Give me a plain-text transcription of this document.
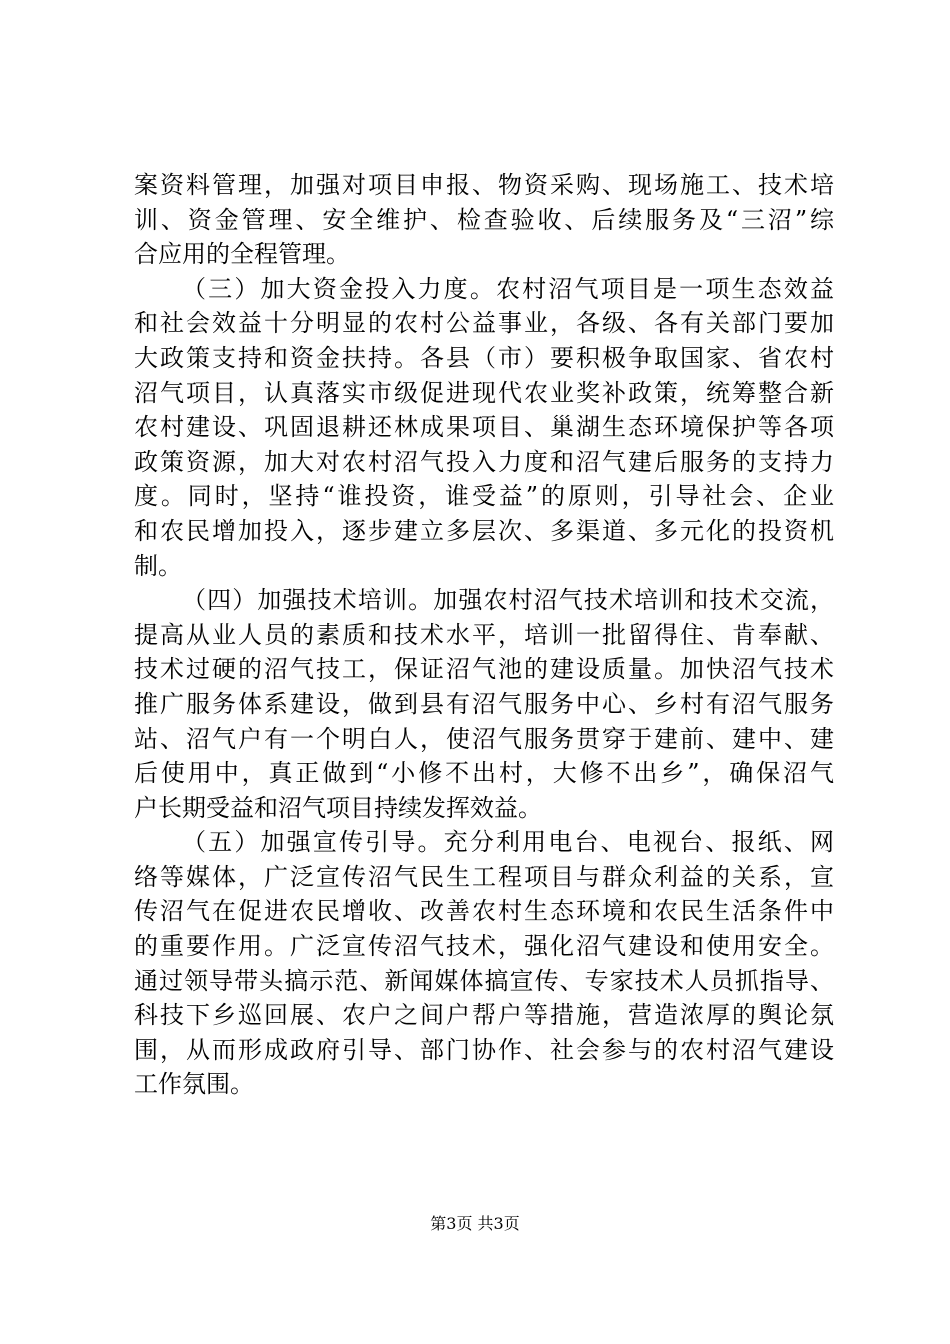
案资料管理，加强对项目申报、物资采购、现场施工、技术培
训、资金管理、安全维护、检查验收、后续服务及“三沼”综
合应用的全程管理。
（三）加大资金投入力度。农村沼气项目是一项生态效益
和社会效益十分明显的农村公益事业，各级、各有关部门要加
大政策支持和资金扶持。各县（市）要积极争取国家、省农村
沼气项目，认真落实市级促进现代农业奖补政策，统筹整合新
农村建设、巩固退耕还林成果项目、巢湖生态环境保护等各项
政策资源，加大对农村沼气投入力度和沼气建后服务的支持力
度。同时，坚持“谁投资，谁受益”的原则，引导社会、企业
和农民增加投入，逐步建立多层次、多渠道、多元化的投资机
制。
（四）加强技术培训。加强农村沼气技术培训和技术交流，
提高从业人员的素质和技术水平，培训一批留得住、肯奉献、
技术过硬的沼气技工，保证沼气池的建设质量。加快沼气技术
推广服务体系建设，做到县有沼气服务中心、乡村有沼气服务
站、沼气户有一个明白人，使沼气服务贯穿于建前、建中、建
后使用中，真正做到“小修不出村，大修不出乡”，确保沼气
户长期受益和沼气项目持续发挥效益。
（五）加强宣传引导。充分利用电台、电视台、报纸、网
络等媒体，广泛宣传沼气民生工程项目与群众利益的关系，宣
传沼气在促进农民增收、改善农村生态环境和农民生活条件中
的重要作用。广泛宣传沼气技术，强化沼气建设和使用安全。
通过领导带头搞示范、新闻媒体搞宣传、专家技术人员抓指导、
科技下乡巡回展、农户之间户帮户等措施，营造浓厚的舆论氛
围，从而形成政府引导、部门协作、社会参与的农村沼气建设
工作氛围。
第3页 共3页
